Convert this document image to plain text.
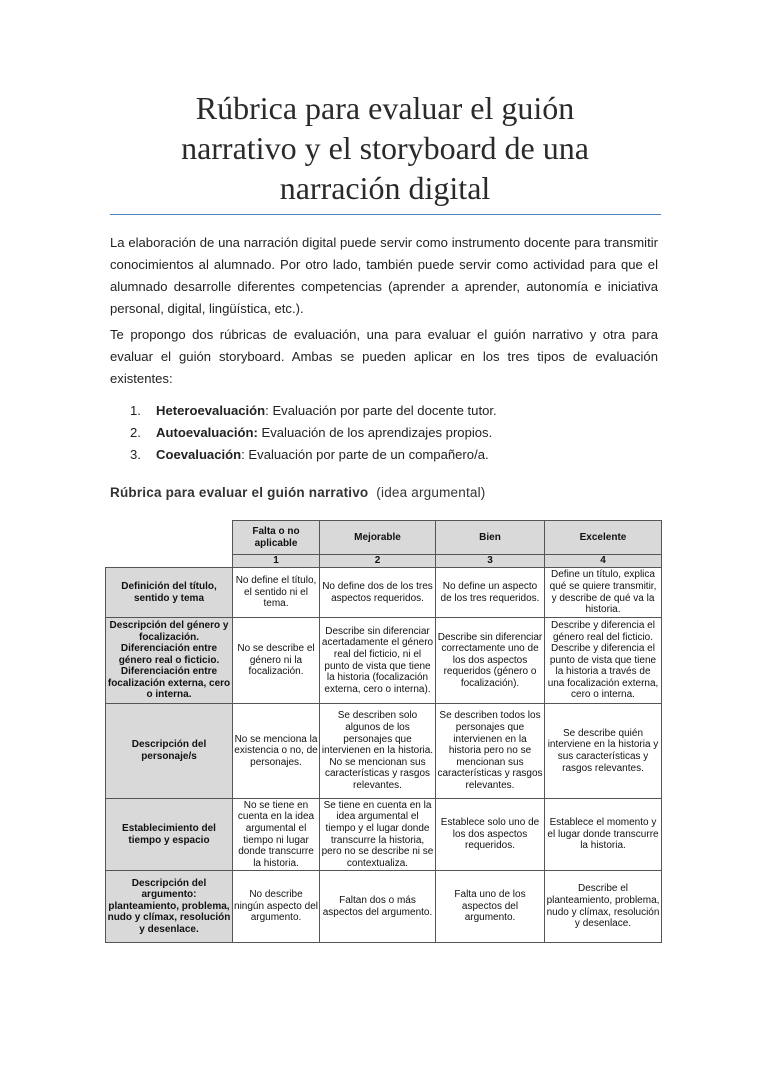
Rúbrica para evaluar el guión
narrativo y el storyboard de una
narración digital
La elaboración de una narración digital puede servir como instrumento docente para transmitir conocimientos al alumnado. Por otro lado, también puede servir como actividad para que el alumnado desarrolle diferentes competencias (aprender a aprender, autonomía e iniciativa personal, digital, lingüística, etc.).
Te propongo dos rúbricas de evaluación, una para evaluar el guión narrativo y otra para evaluar el guión storyboard. Ambas se pueden aplicar en los tres tipos de evaluación existentes:
1.	Heteroevaluación: Evaluación por parte del docente tutor.
2.	Autoevaluación: Evaluación de los aprendizajes propios.
3.	Coevaluación: Evaluación por parte de un compañero/a.
Rúbrica para evaluar el guión narrativo (idea argumental)
	Falta o no aplicable	Mejorable	Bien	Excelente
	1	2	3	4
Definición del título, sentido y tema	No define el título, el sentido ni el tema.	No define dos de los tres aspectos requeridos.	No define un aspecto de los tres requeridos.	Define un título, explica qué se quiere transmitir, y describe de qué va la historia.
Descripción del género y focalización. Diferenciación entre género real o ficticio. Diferenciación entre focalización externa, cero o interna.	No se describe el género ni la focalización.	Describe sin diferenciar acertadamente el género real del ficticio, ni el punto de vista que tiene la historia (focalización externa, cero o interna).	Describe sin diferenciar correctamente uno de los dos aspectos requeridos (género o focalización).	Describe y diferencia el género real del ficticio. Describe y diferencia el punto de vista que tiene la historia a través de una focalización externa, cero o interna.
Descripción del personaje/s	No se menciona la existencia o no, de personajes.	Se describen solo algunos de los personajes que intervienen en la historia. No se mencionan sus características y rasgos relevantes.	Se describen todos los personajes que intervienen en la historia pero no se mencionan sus características y rasgos relevantes.	Se describe quién interviene en la historia y sus características y rasgos relevantes.
Establecimiento del tiempo y espacio	No se tiene en cuenta en la idea argumental el tiempo ni lugar donde transcurre la historia.	Se tiene en cuenta en la idea argumental el tiempo y el lugar donde transcurre la historia, pero no se describe ni se contextualiza.	Establece solo uno de los dos aspectos requeridos.	Establece el momento y el lugar donde transcurre la historia.
Descripción del argumento: planteamiento, problema, nudo y clímax, resolución y desenlace.	No describe ningún aspecto del argumento.	Faltan dos o más aspectos del argumento.	Falta uno de los aspectos del argumento.	Describe el planteamiento, problema, nudo y clímax, resolución y desenlace.
